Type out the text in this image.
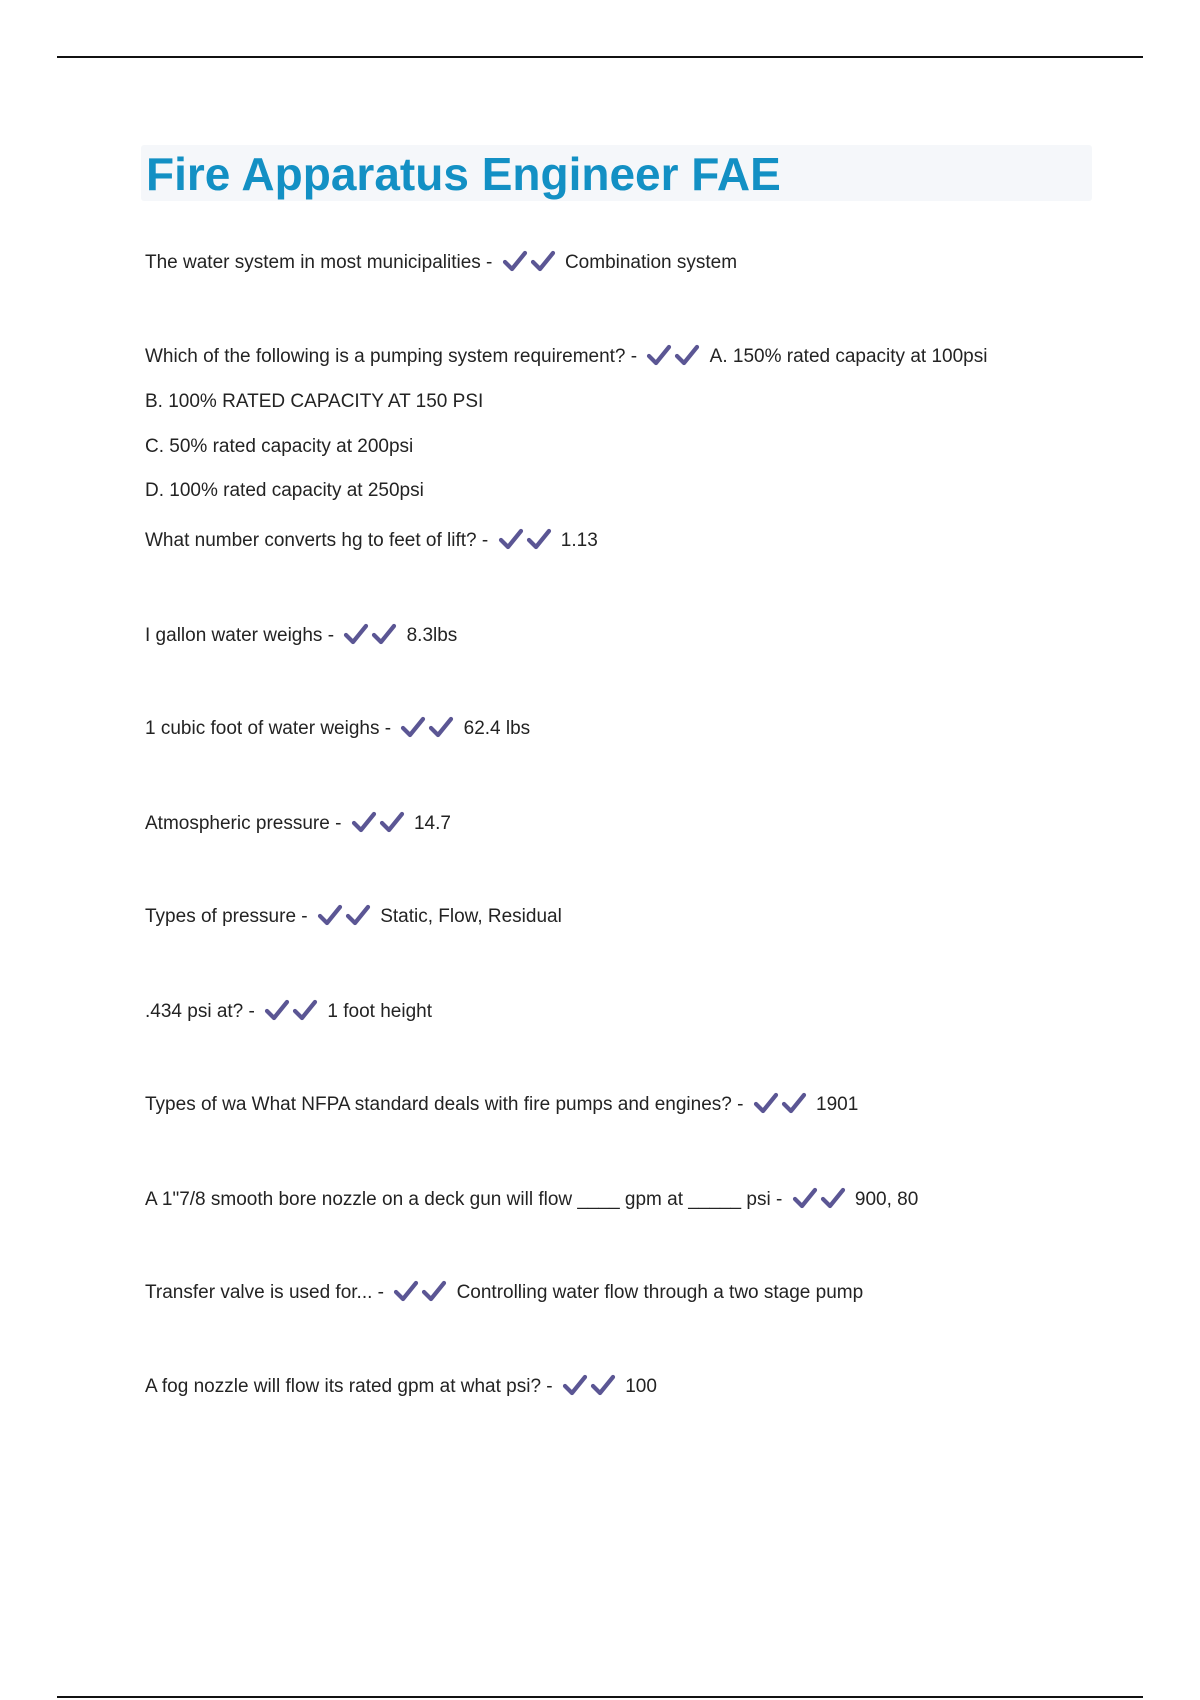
Fire Apparatus Engineer FAE
The water system in most municipalities -	Combination system
Which of the following is a pumping system requirement? -	A. 150% rated capacity at 100psi
B. 100% RATED CAPACITY AT 150 PSI
C. 50% rated capacity at 200psi
D. 100% rated capacity at 250psi
What number converts hg to feet of lift? -	1.13
I gallon water weighs -	8.3lbs
1 cubic foot of water weighs -	62.4 lbs
Atmospheric pressure -	14.7
Types of pressure -	Static, Flow, Residual
.434 psi at? -	1 foot height
Types of wa What NFPA standard deals with fire pumps and engines? -	1901
A 1"7/8 smooth bore nozzle on a deck gun will flow ____ gpm at _____ psi -	900, 80
Transfer valve is used for... -	Controlling water flow through a two stage pump
A fog nozzle will flow its rated gpm at what psi? -	100
